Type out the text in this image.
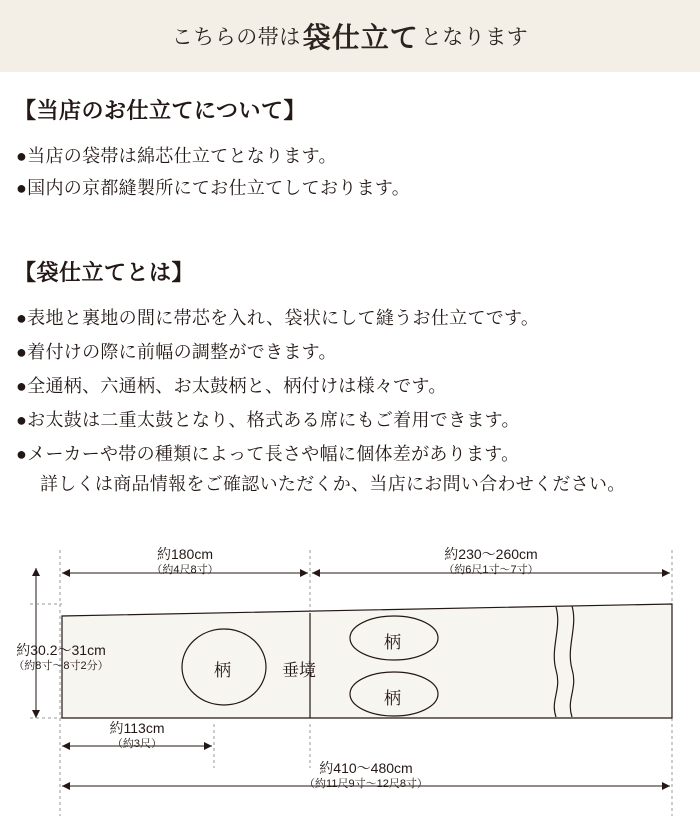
こちらの帯は 袋仕立て となります
【当店のお仕立てについて】
●当店の袋帯は綿芯仕立てとなります。
●国内の京都縫製所にてお仕立てしております。
【袋仕立てとは】
●表地と裏地の間に帯芯を入れ、袋状にして縫うお仕立てです。
●着付けの際に前幅の調整ができます。
●全通柄、六通柄、お太鼓柄と、柄付けは様々です。
●お太鼓は二重太鼓となり、格式ある席にもご着用できます。
●メーカーや帯の種類によって長さや幅に個体差があります。
詳しくは商品情報をご確認いただくか、当店にお問い合わせください。
約180cm
（約4尺8寸）
約230〜260cm
（約6尺1寸〜7寸）
約30.2〜31cm
（約8寸〜8寸2分）
約113cm
（約3尺）
約410〜480cm
（約11尺9寸〜12尺8寸）
柄	垂境
柄
柄
